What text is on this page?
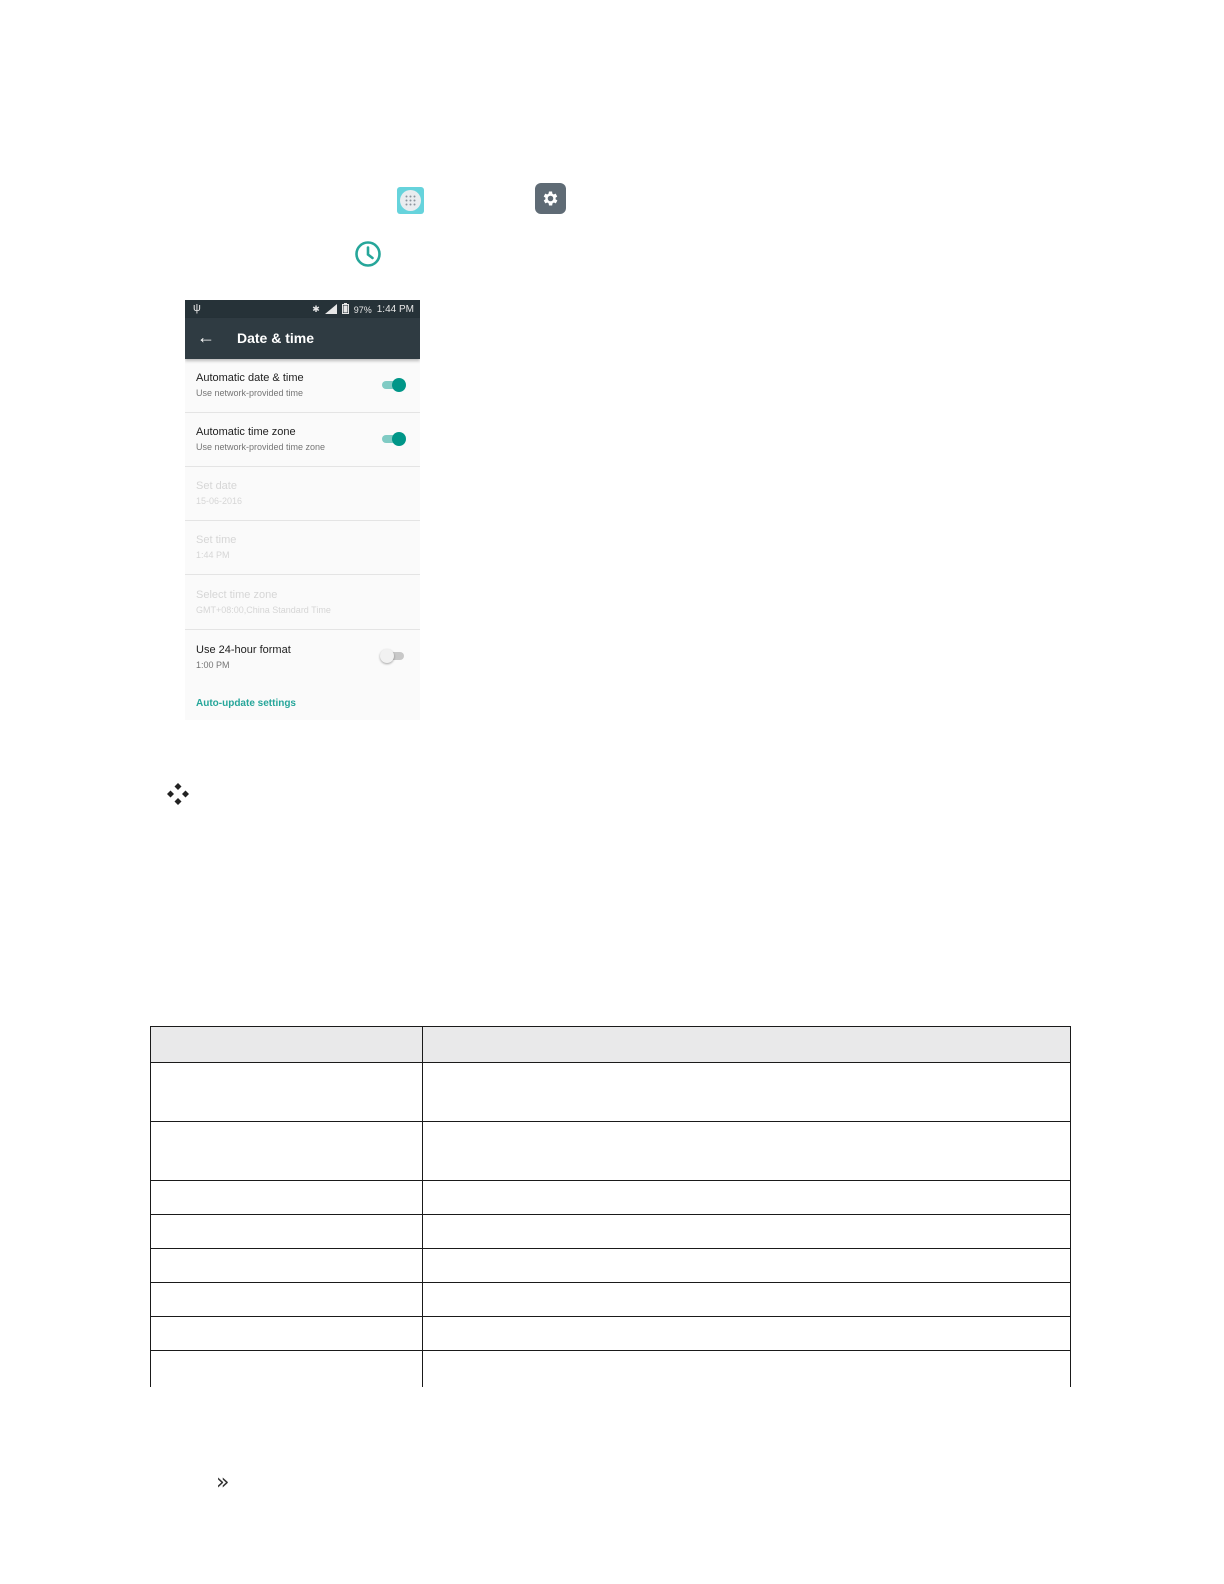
ψ	✱	97% 1:44 PM
← Date & time
Automatic date & time
Use network-provided time
Automatic time zone
Use network-provided time zone
Set date
15-06-2016
Set time
1:44 PM
Select time zone
GMT+08:00,China Standard Time
Use 24-hour format
1:00 PM
Auto-update settings

»
